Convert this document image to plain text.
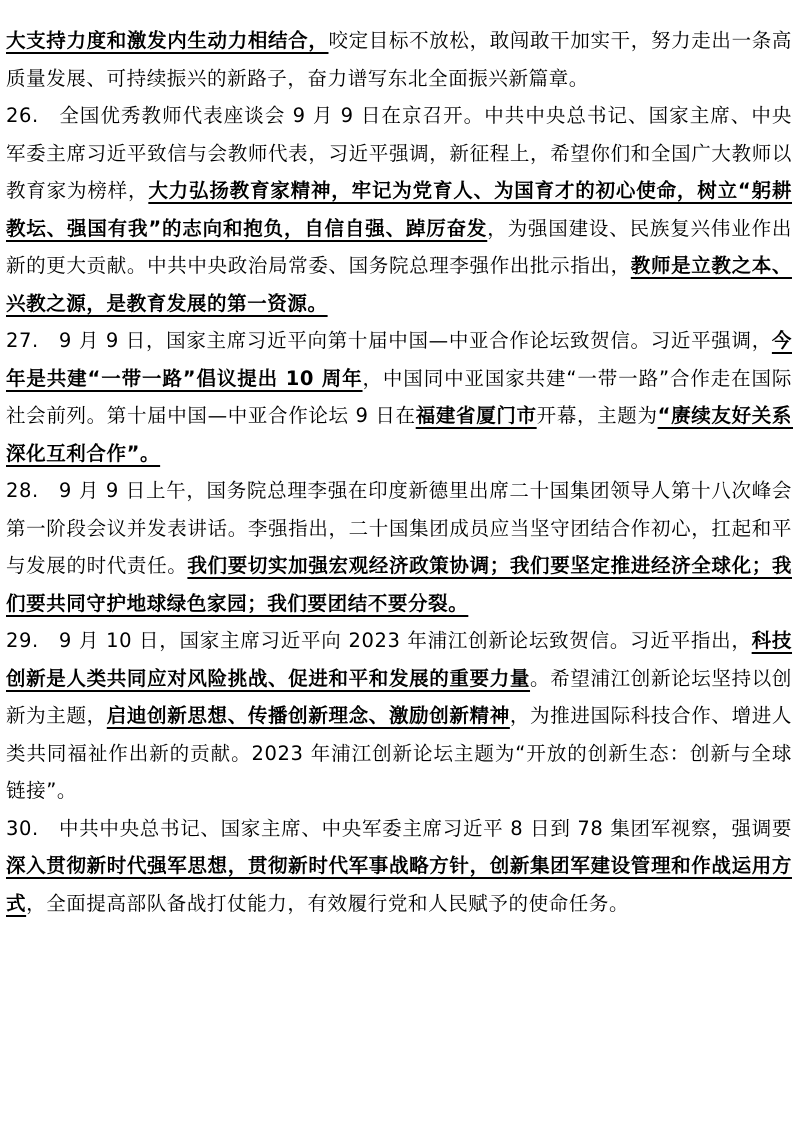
大支持力度和激发内生动力相结合，咬定目标不放松，敢闯敢干加实干，努力走出一条高质量发展、可持续振兴的新路子，奋力谱写东北全面振兴新篇章。

26.  全国优秀教师代表座谈会 9 月 9 日在京召开。中共中央总书记、国家主席、中央军委主席习近平致信与会教师代表，习近平强调，新征程上，希望你们和全国广大教师以教育家为榜样，大力弘扬教育家精神，牢记为党育人、为国育才的初心使命，树立“躬耕教坛、强国有我”的志向和抱负，自信自强、踔厉奋发，为强国建设、民族复兴伟业作出新的更大贡献。中共中央政治局常委、国务院总理李强作出批示指出，教师是立教之本、兴教之源，是教育发展的第一资源。

27.  9 月 9 日，国家主席习近平向第十届中国—中亚合作论坛致贺信。习近平强调，今年是共建“一带一路”倡议提出 10 周年，中国同中亚国家共建“一带一路”合作走在国际社会前列。第十届中国—中亚合作论坛 9 日在福建省厦门市开幕，主题为“赓续友好关系　深化互利合作”。

28.  9 月 9 日上午，国务院总理李强在印度新德里出席二十国集团领导人第十八次峰会第一阶段会议并发表讲话。李强指出，二十国集团成员应当坚守团结合作初心，扛起和平与发展的时代责任。我们要切实加强宏观经济政策协调；我们要坚定推进经济全球化；我们要共同守护地球绿色家园；我们要团结不要分裂。

29.  9 月 10 日，国家主席习近平向 2023 年浦江创新论坛致贺信。习近平指出，科技创新是人类共同应对风险挑战、促进和平和发展的重要力量。希望浦江创新论坛坚持以创新为主题，启迪创新思想、传播创新理念、激励创新精神，为推进国际科技合作、增进人类共同福祉作出新的贡献。2023 年浦江创新论坛主题为“开放的创新生态：创新与全球链接”。

30.  中共中央总书记、国家主席、中央军委主席习近平 8 日到 78 集团军视察，强调要深入贯彻新时代强军思想，贯彻新时代军事战略方针，创新集团军建设管理和作战运用方式，全面提高部队备战打仗能力，有效履行党和人民赋予的使命任务。
